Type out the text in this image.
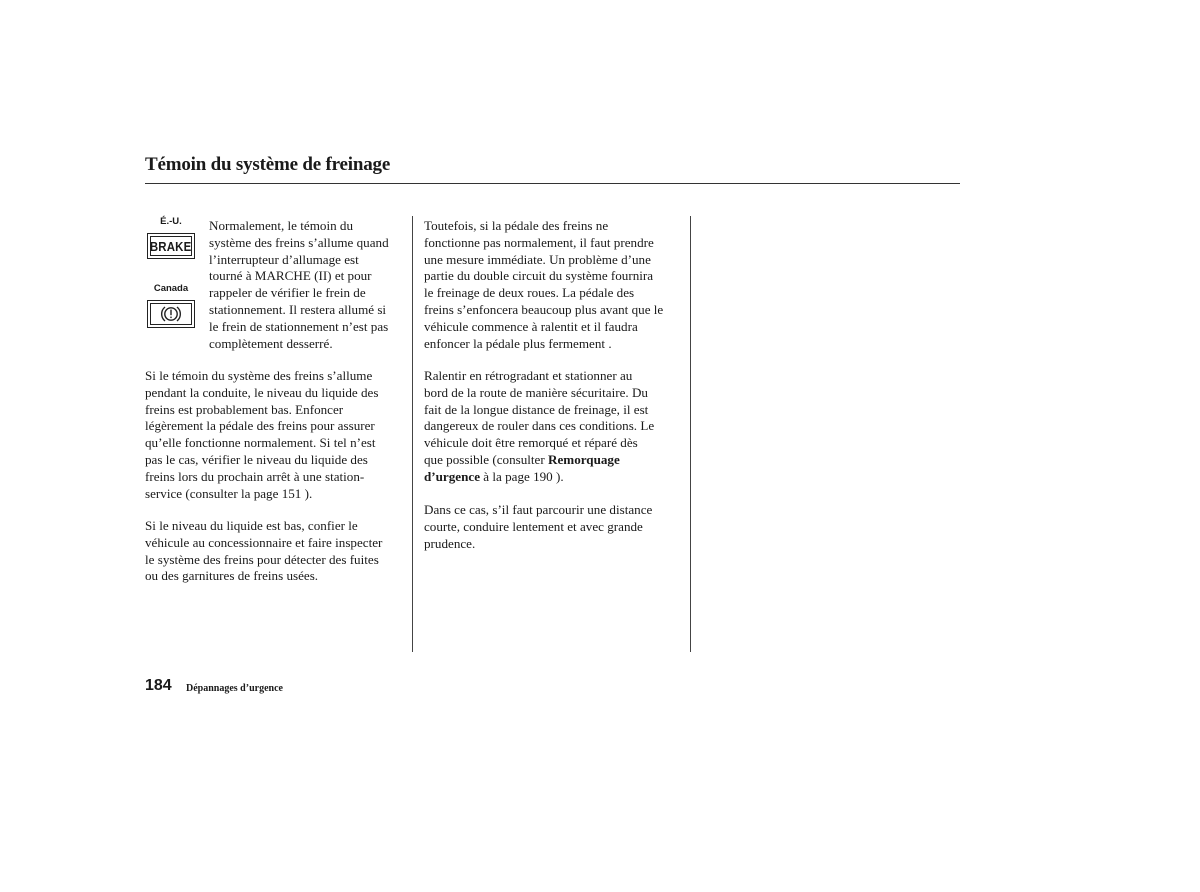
Témoin du système de freinage
É.-U.
BRAKE
Canada
Normalement, le témoin du
système des freins s’allume quand
l’interrupteur d’allumage est
tourné à MARCHE (II) et pour
rappeler de vérifier le frein de
stationnement. Il restera allumé si
le frein de stationnement n’est pas
complètement desserré.
Si le témoin du système des freins s’allume
pendant la conduite, le niveau du liquide des
freins est probablement bas. Enfoncer
légèrement la pédale des freins pour assurer
qu’elle fonctionne normalement. Si tel n’est
pas le cas, vérifier le niveau du liquide des
freins lors du prochain arrêt à une station-
service (consulter la page 151 ).
Si le niveau du liquide est bas, confier le
véhicule au concessionnaire et faire inspecter
le système des freins pour détecter des fuites
ou des garnitures de freins usées.
Toutefois, si la pédale des freins ne
fonctionne pas normalement, il faut prendre
une mesure immédiate. Un problème d’une
partie du double circuit du système fournira
le freinage de deux roues. La pédale des
freins s’enfoncera beaucoup plus avant que le
véhicule commence à ralentit et il faudra
enfoncer la pédale plus fermement .
Ralentir en rétrogradant et stationner au
bord de la route de manière sécuritaire. Du
fait de la longue distance de freinage, il est
dangereux de rouler dans ces conditions. Le
véhicule doit être remorqué et réparé dès
que possible (consulter Remorquage
d’urgence à la page 190 ).
Dans ce cas, s’il faut parcourir une distance
courte, conduire lentement et avec grande
prudence.
184 Dépannages d’urgence
